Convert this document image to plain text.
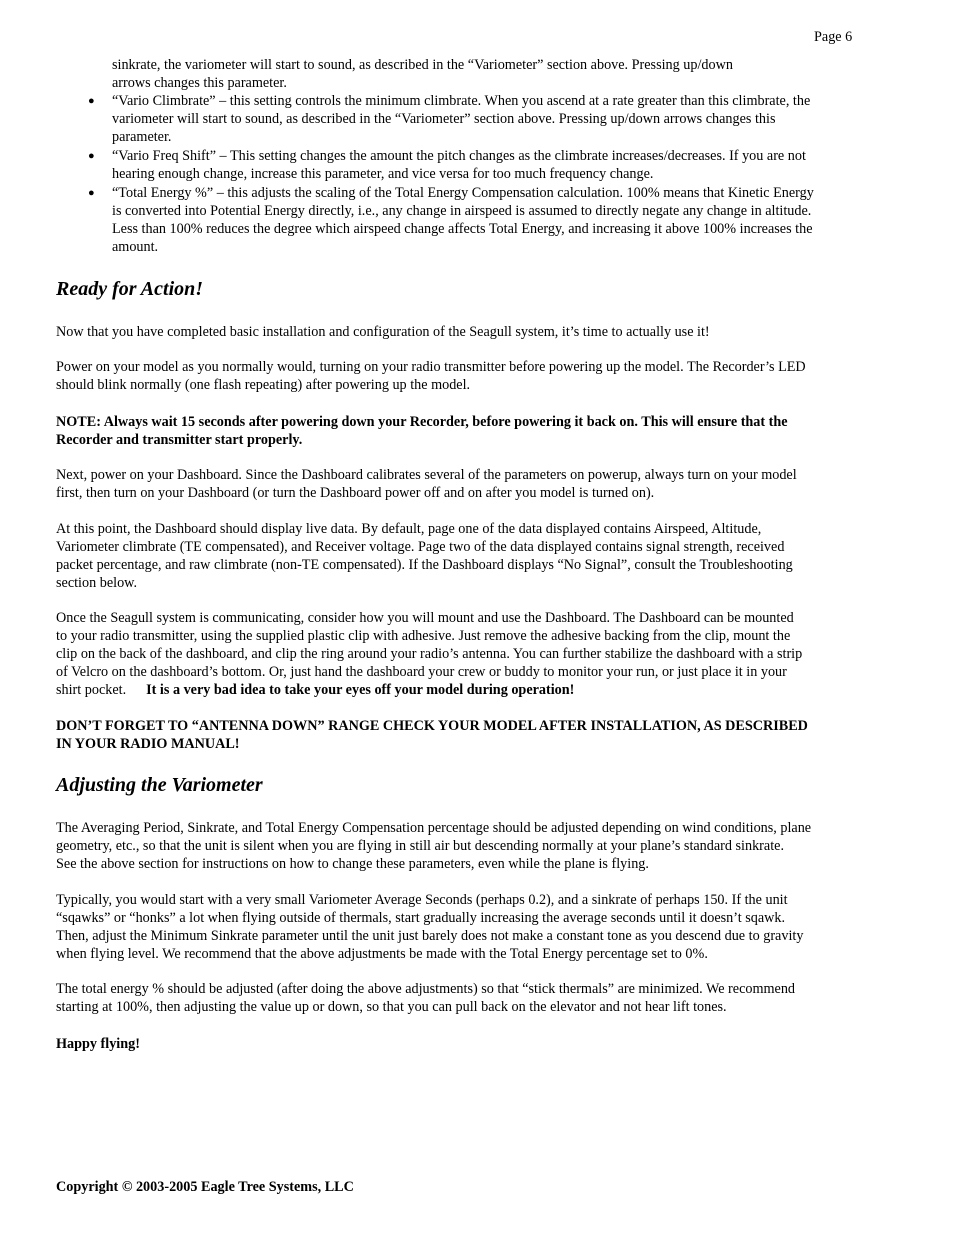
Page 6
sinkrate, the variometer will start to sound, as described in the “Variometer” section above. Pressing up/down
arrows changes this parameter.
● “Vario Climbrate” – this setting controls the minimum climbrate. When you ascend at a rate greater than this climbrate, the
variometer will start to sound, as described in the “Variometer” section above. Pressing up/down arrows changes this
parameter.
● “Vario Freq Shift” – This setting changes the amount the pitch changes as the climbrate increases/decreases. If you are not
hearing enough change, increase this parameter, and vice versa for too much frequency change.
● “Total Energy %” – this adjusts the scaling of the Total Energy Compensation calculation. 100% means that Kinetic Energy
is converted into Potential Energy directly, i.e., any change in airspeed is assumed to directly negate any change in altitude.
Less than 100% reduces the degree which airspeed change affects Total Energy, and increasing it above 100% increases the
amount.
Ready for Action!
Now that you have completed basic installation and configuration of the Seagull system, it’s time to actually use it!
Power on your model as you normally would, turning on your radio transmitter before powering up the model. The Recorder’s LED
should blink normally (one flash repeating) after powering up the model.
NOTE: Always wait 15 seconds after powering down your Recorder, before powering it back on. This will ensure that the
Recorder and transmitter start properly.
Next, power on your Dashboard. Since the Dashboard calibrates several of the parameters on powerup, always turn on your model
first, then turn on your Dashboard (or turn the Dashboard power off and on after you model is turned on).
At this point, the Dashboard should display live data. By default, page one of the data displayed contains Airspeed, Altitude,
Variometer climbrate (TE compensated), and Receiver voltage. Page two of the data displayed contains signal strength, received
packet percentage, and raw climbrate (non-TE compensated). If the Dashboard displays “No Signal”, consult the Troubleshooting
section below.
Once the Seagull system is communicating, consider how you will mount and use the Dashboard. The Dashboard can be mounted
to your radio transmitter, using the supplied plastic clip with adhesive. Just remove the adhesive backing from the clip, mount the
clip on the back of the dashboard, and clip the ring around your radio’s antenna. You can further stabilize the dashboard with a strip
of Velcro on the dashboard’s bottom. Or, just hand the dashboard your crew or buddy to monitor your run, or just place it in your
shirt pocket. It is a very bad idea to take your eyes off your model during operation!
DON’T FORGET TO “ANTENNA DOWN” RANGE CHECK YOUR MODEL AFTER INSTALLATION, AS DESCRIBED
IN YOUR RADIO MANUAL!
Adjusting the Variometer
The Averaging Period, Sinkrate, and Total Energy Compensation percentage should be adjusted depending on wind conditions, plane
geometry, etc., so that the unit is silent when you are flying in still air but descending normally at your plane’s standard sinkrate.
See the above section for instructions on how to change these parameters, even while the plane is flying.
Typically, you would start with a very small Variometer Average Seconds (perhaps 0.2), and a sinkrate of perhaps 150. If the unit
“sqawks” or “honks” a lot when flying outside of thermals, start gradually increasing the average seconds until it doesn’t sqawk.
Then, adjust the Minimum Sinkrate parameter until the unit just barely does not make a constant tone as you descend due to gravity
when flying level. We recommend that the above adjustments be made with the Total Energy percentage set to 0%.
The total energy % should be adjusted (after doing the above adjustments) so that “stick thermals” are minimized. We recommend
starting at 100%, then adjusting the value up or down, so that you can pull back on the elevator and not hear lift tones.
Happy flying!
Copyright © 2003-2005 Eagle Tree Systems, LLC
